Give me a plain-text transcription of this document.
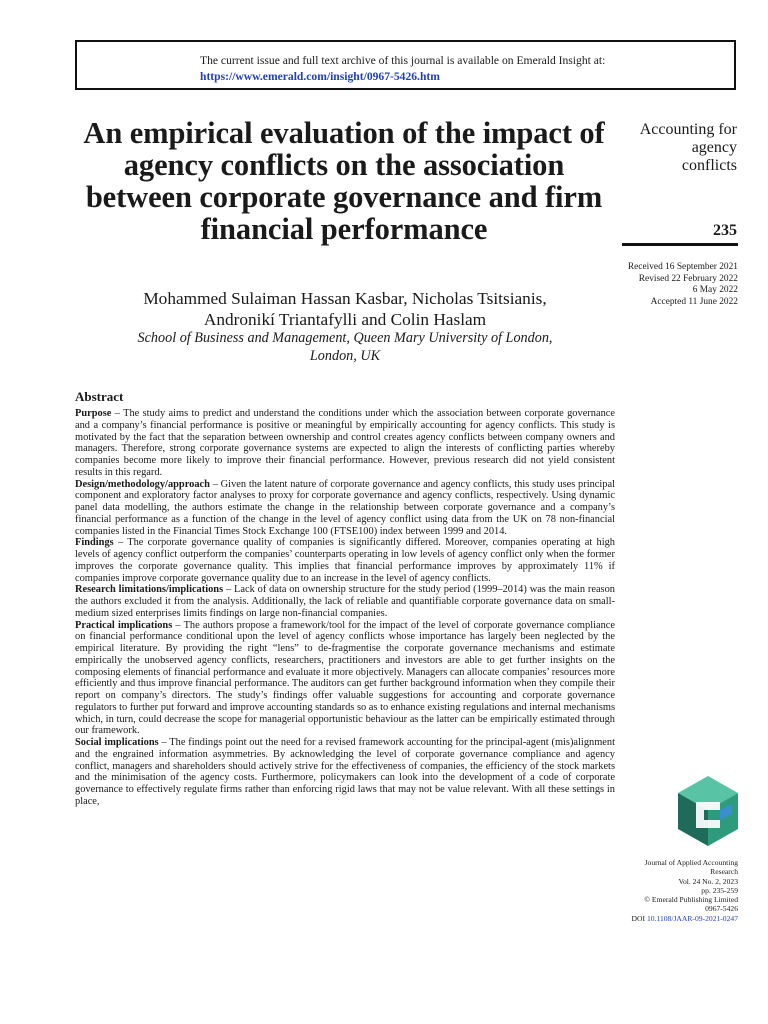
The current issue and full text archive of this journal is available on Emerald Insight at:
https://www.emerald.com/insight/0967-5426.htm
An empirical evaluation of the impact of agency conflicts on the association between corporate governance and firm financial performance
Mohammed Sulaiman Hassan Kasbar, Nicholas Tsitsianis,
Andronikí Triantafylli and Colin Haslam
School of Business and Management, Queen Mary University of London,
London, UK
Accounting for
agency
conflicts
235
Received 16 September 2021
Revised 22 February 2022
6 May 2022
Accepted 11 June 2022
Abstract

Purpose – The study aims to predict and understand the conditions under which the association between corporate governance and a company’s financial performance is positive or meaningful by empirically accounting for agency conflicts. This study is motivated by the fact that the separation between ownership and control creates agency conflicts between company owners and managers. Therefore, strong corporate governance systems are expected to align the interests of conflicting parties whereby companies become more likely to improve their financial performance. However, previous research did not yield consistent results in this regard.

Design/methodology/approach – Given the latent nature of corporate governance and agency conflicts, this study uses principal component and exploratory factor analyses to proxy for corporate governance and agency conflicts, respectively. Using dynamic panel data modelling, the authors estimate the change in the relationship between corporate governance and a company’s financial performance as a function of the change in the level of agency conflict using data from the UK on 78 non-financial companies listed in the Financial Times Stock Exchange 100 (FTSE100) index between 1999 and 2014.

Findings – The corporate governance quality of companies is significantly differed. Moreover, companies operating at high levels of agency conflict outperform the companies’ counterparts operating in low levels of agency conflict only when the former improves the corporate governance quality. This implies that financial performance improves by approximately 11% if companies improve corporate governance quality due to an increase in the level of agency conflicts.

Research limitations/implications – Lack of data on ownership structure for the study period (1999–2014) was the main reason the authors excluded it from the analysis. Additionally, the lack of reliable and quantifiable corporate governance data on small-medium sized enterprises limits findings on large non-financial companies.

Practical implications – The authors propose a framework/tool for the impact of the level of corporate governance compliance on financial performance conditional upon the level of agency conflicts whose importance has largely been neglected by the empirical literature. By providing the right “lens” to de-fragmentise the corporate governance mechanisms and estimate empirically the unobserved agency conflicts, researchers, practitioners and investors are able to get further insights on the composing elements of financial performance and evaluate it more objectively. Managers can allocate companies’ resources more efficiently and thus improve financial performance. The auditors can get further background information when they compile their report on company’s directors. The study’s findings offer valuable suggestions for accounting and corporate governance regulators to further put forward and improve accounting standards so as to enhance existing regulations and internal mechanisms which, in turn, could decrease the scope for managerial opportunistic behaviour as the latter can be empirically estimated through our framework.

Social implications – The findings point out the need for a revised framework accounting for the principal-agent (mis)alignment and the engrained information asymmetries. By acknowledging the level of corporate governance compliance and agency conflict, managers and shareholders should actively strive for the effectiveness of companies, the efficiency of the stock markets and the minimisation of the agency costs. Furthermore, policymakers can look into the development of a code of corporate governance to effectively regulate firms rather than enforcing rigid laws that may not be value relevant. With all these settings in place,

Journal of Applied Accounting
Research
Vol. 24 No. 2, 2023
pp. 235-259
© Emerald Publishing Limited
0967-5426
DOI 10.1108/JAAR-09-2021-0247
